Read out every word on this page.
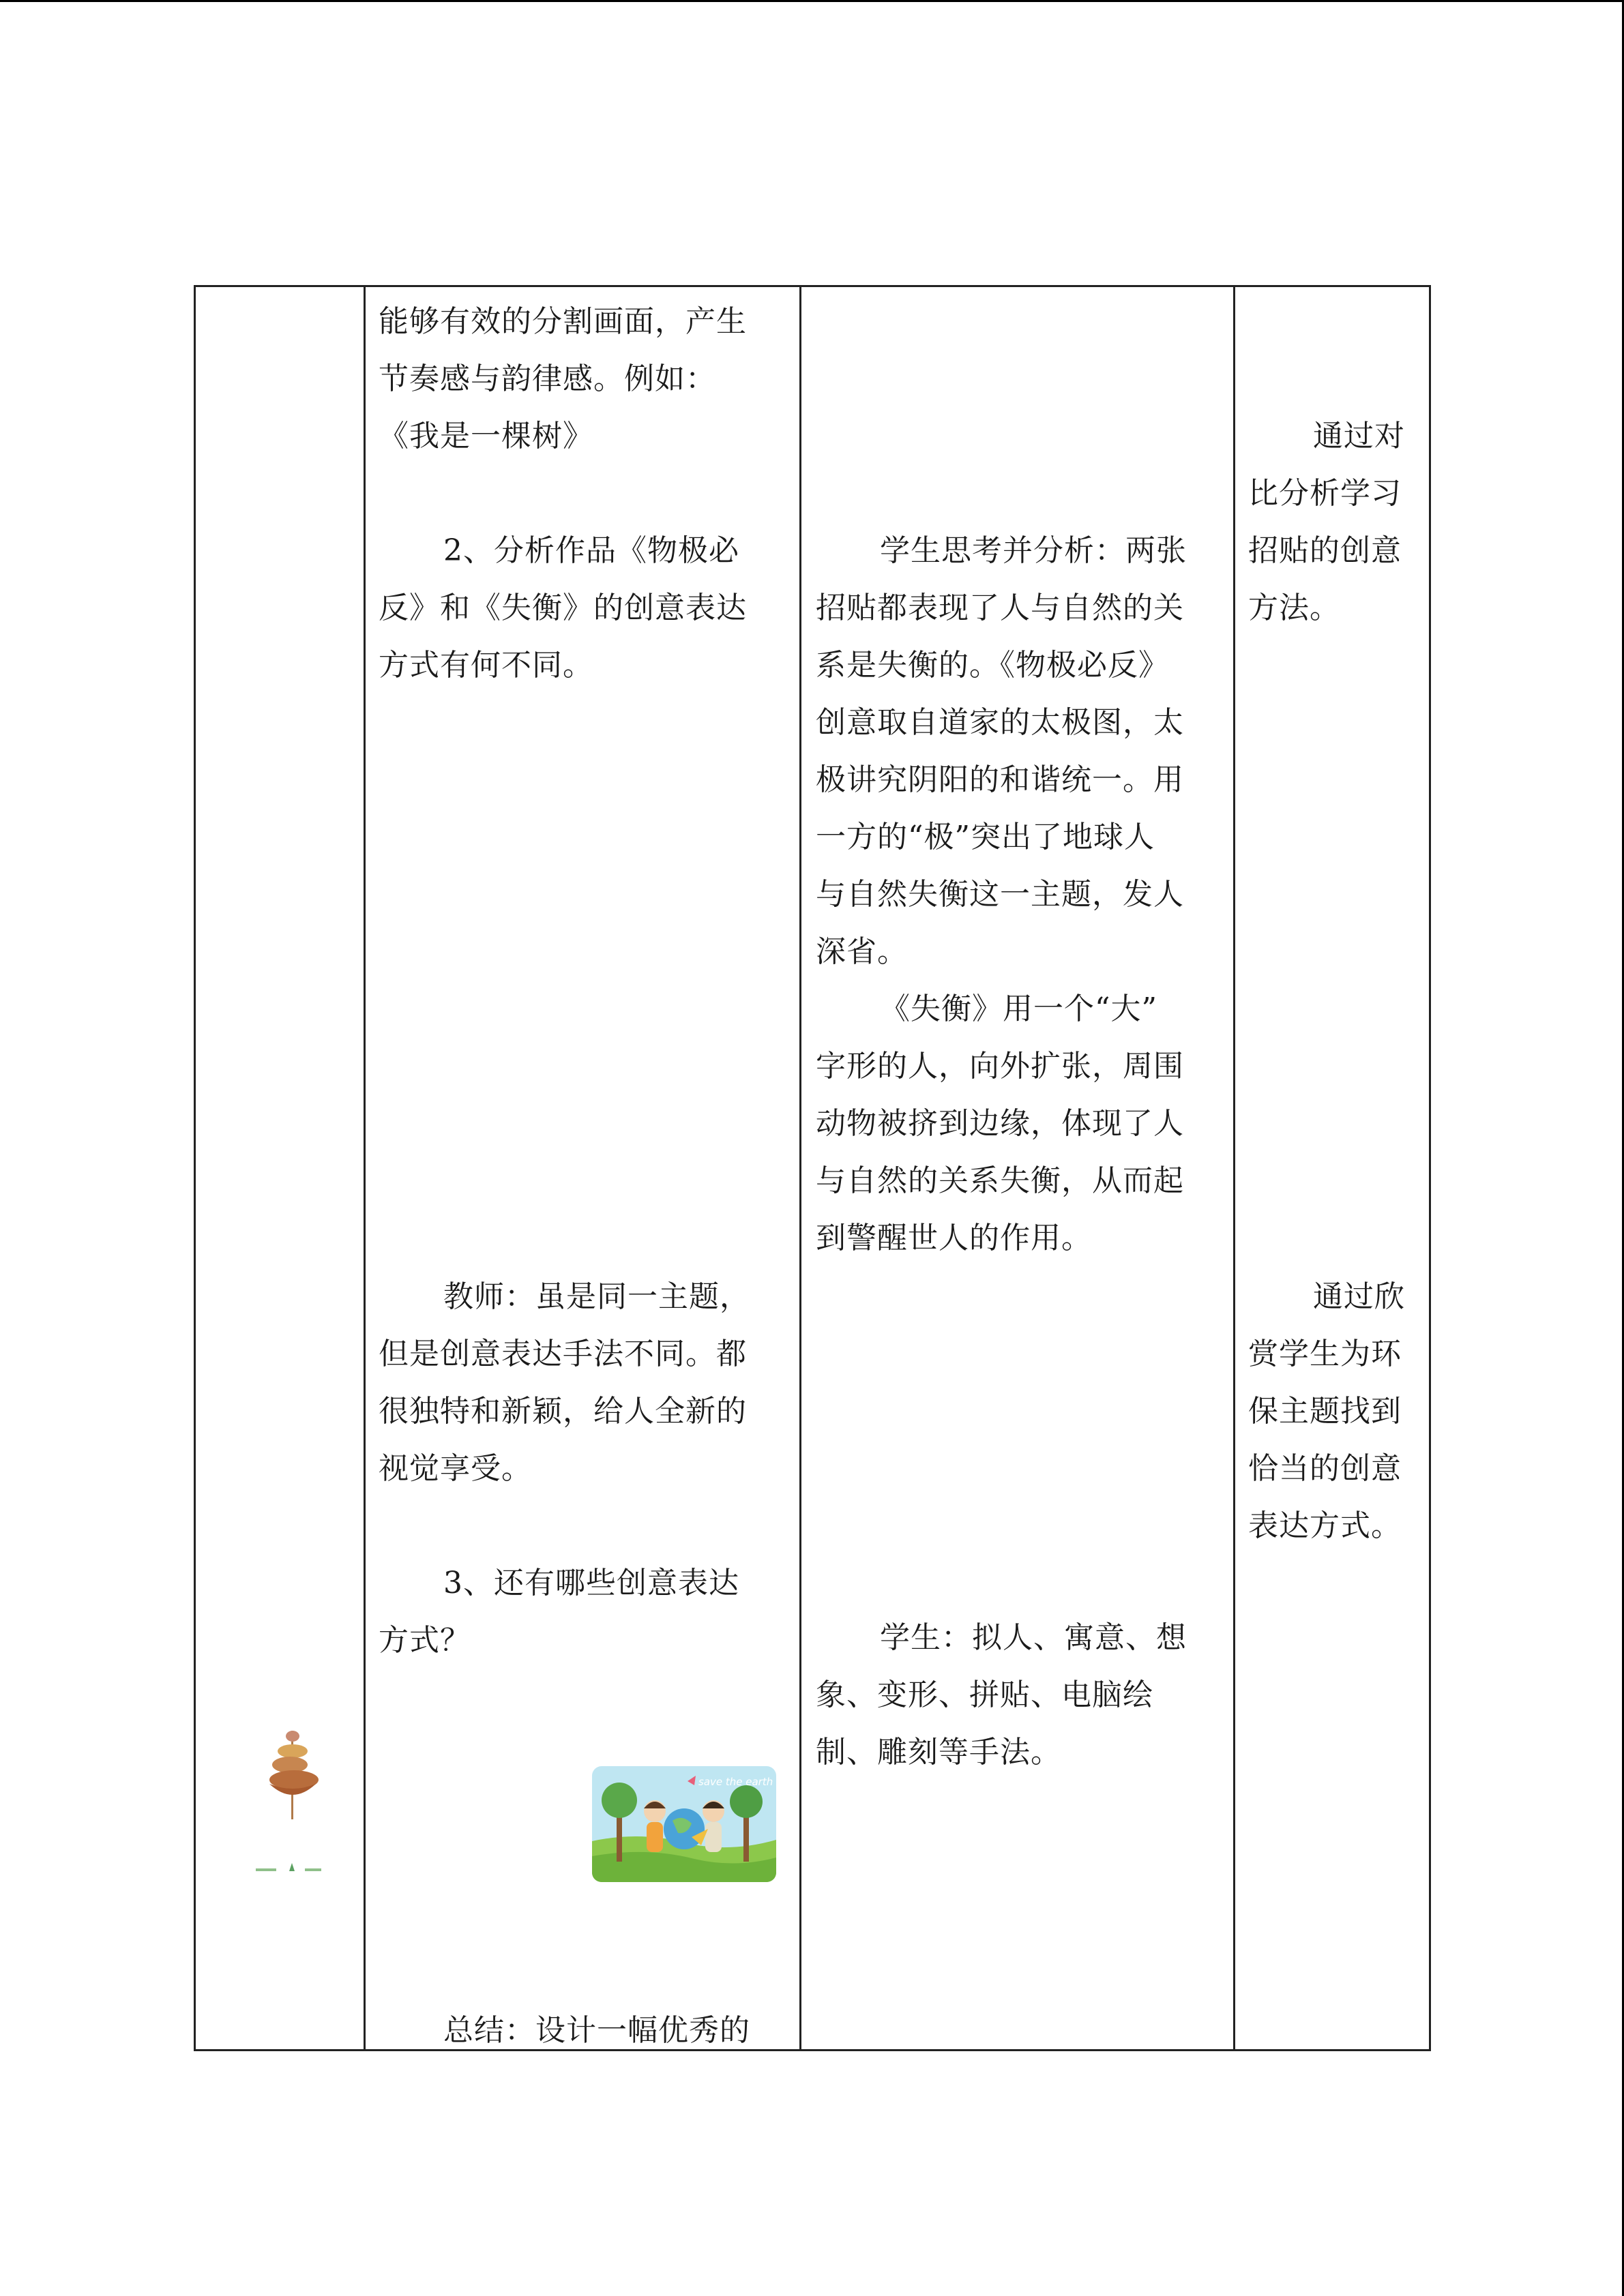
能够有效的分割画面，产生

节奏感与韵律感。例如：

《我是一棵树》

2、分析作品《物极必

反》和《失衡》的创意表达

方式有何不同。

教师：虽是同一主题，

但是创意表达手法不同。都

很独特和新颖，给人全新的

视觉享受。

3、还有哪些创意表达

方式？

总结：设计一幅优秀的

学生思考并分析：两张

招贴都表现了人与自然的关

系是失衡的。《物极必反》

创意取自道家的太极图，太

极讲究阴阳的和谐统一。用

一方的“极”突出了地球人

与自然失衡这一主题，发人

深省。

《失衡》用一个“大”

字形的人，向外扩张，周围

动物被挤到边缘，体现了人

与自然的关系失衡，从而起

到警醒世人的作用。

学生：拟人、寓意、想

象、变形、拼贴、电脑绘

制、雕刻等手法。

通过对

比分析学习

招贴的创意

方法。

通过欣

赏学生为环

保主题找到

恰当的创意

表达方式。

save the earth
